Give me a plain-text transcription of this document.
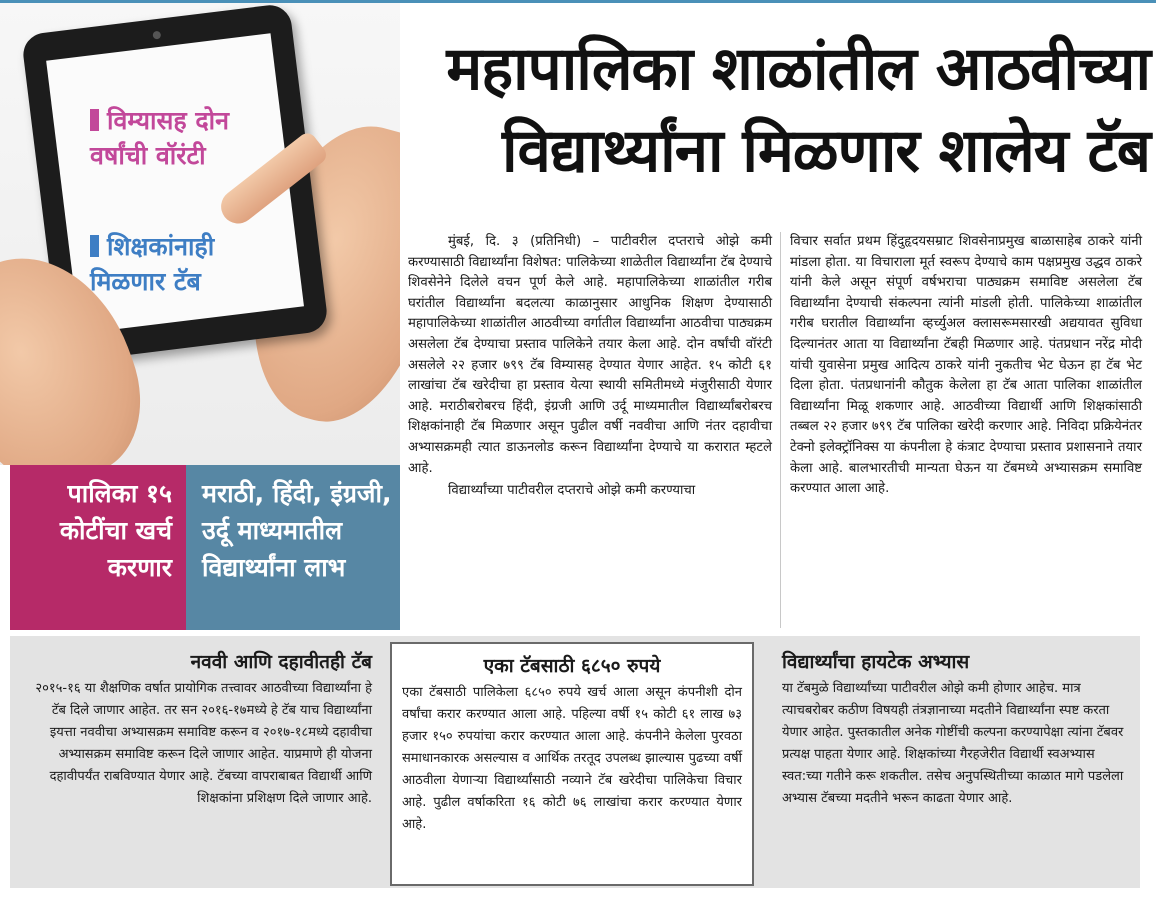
विम्यासह दोन वर्षांची वॉरंटी
शिक्षकांनाही मिळणार टॅब
महापालिका शाळांतील आठवीच्या
विद्यार्थ्यांना मिळणार शालेय टॅब
पालिका १५ कोटींचा खर्च करणार
मराठी, हिंदी, इंग्रजी, उर्दू माध्यमातील विद्यार्थ्यांना लाभ

मुंबई, दि. ३ (प्रतिनिधी) – पाटीवरील दप्तराचे ओझे कमी करण्यासाठी विद्यार्थ्यांना विशेषत: पालिकेच्या शाळेतील विद्यार्थ्यांना टॅब देण्याचे शिवसेनेने दिलेले वचन पूर्ण केले आहे. महापालिकेच्या शाळांतील गरीब घरांतील विद्यार्थ्यांना बदलत्या काळानुसार आधुनिक शिक्षण देण्यासाठी महापालिकेच्या शाळांतील आठवीच्या वर्गातील विद्यार्थ्यांना आठवीचा पाठ्यक्रम असलेला टॅब देण्याचा प्रस्ताव पालिकेने तयार केला आहे. दोन वर्षांची वॉरंटी असलेले २२ हजार ७९९ टॅब विम्यासह देण्यात येणार आहेत. १५ कोटी ६१ लाखांचा टॅब खरेदीचा हा प्रस्ताव येत्या स्थायी समितीमध्ये मंजुरीसाठी येणार आहे. मराठीबरोबरच हिंदी, इंग्रजी आणि उर्दू माध्यमातील विद्यार्थ्यांबरोबरच शिक्षकांनाही टॅब मिळणार असून पुढील वर्षी नववीचा आणि नंतर दहावीचा अभ्यासक्रमही त्यात डाऊनलोड करून विद्यार्थ्यांना देण्याचे या करारात म्हटले आहे.

विद्यार्थ्यांच्या पाटीवरील दप्तराचे ओझे कमी करण्याचा

विचार सर्वात प्रथम हिंदुहृदयसम्राट शिवसेनाप्रमुख बाळासाहेब ठाकरे यांनी मांडला होता. या विचाराला मूर्त स्वरूप देण्याचे काम पक्षप्रमुख उद्धव ठाकरे यांनी केले असून संपूर्ण वर्षभराचा पाठ्यक्रम समाविष्ट असलेला टॅब विद्यार्थ्यांना देण्याची संकल्पना त्यांनी मांडली होती. पालिकेच्या शाळांतील गरीब घरातील विद्यार्थ्यांना व्हर्च्युअल क्लासरूमसारखी अद्ययावत सुविधा दिल्यानंतर आता या विद्यार्थ्यांना टॅबही मिळणार आहे. पंतप्रधान नरेंद्र मोदी यांची युवासेना प्रमुख आदित्य ठाकरे यांनी नुकतीच भेट घेऊन हा टॅब भेट दिला होता. पंतप्रधानांनी कौतुक केलेला हा टॅब आता पालिका शाळांतील विद्यार्थ्यांना मिळू शकणार आहे. आठवीच्या विद्यार्थी आणि शिक्षकांसाठी तब्बल २२ हजार ७९९ टॅब पालिका खरेदी करणार आहे. निविदा प्रक्रियेनंतर टेक्नो इलेक्ट्रॉनिक्स या कंपनीला हे कंत्राट देण्याचा प्रस्ताव प्रशासनाने तयार केला आहे. बालभारतीची मान्यता घेऊन या टॅबमध्ये अभ्यासक्रम समाविष्ट करण्यात आला आहे.

नववी आणि दहावीतही टॅब

२०१५-१६ या शैक्षणिक वर्षात प्रायोगिक तत्त्वावर आठवीच्या विद्यार्थ्यांना हे टॅब दिले जाणार आहेत. तर सन २०१६-१७मध्ये हे टॅब याच विद्यार्थ्यांना इयत्ता नववीचा अभ्यासक्रम समाविष्ट करून व २०१७-१८मध्ये दहावीचा अभ्यासक्रम समाविष्ट करून दिले जाणार आहेत. याप्रमाणे ही योजना दहावीपर्यंत राबविण्यात येणार आहे. टॅबच्या वापराबाबत विद्यार्थी आणि शिक्षकांना प्रशिक्षण दिले जाणार आहे.

एका टॅबसाठी ६८५० रुपये

एका टॅबसाठी पालिकेला ६८५० रुपये खर्च आला असून कंपनीशी दोन वर्षांचा करार करण्यात आला आहे. पहिल्या वर्षी १५ कोटी ६१ लाख ७३ हजार १५० रुपयांचा करार करण्यात आला आहे. कंपनीने केलेला पुरवठा समाधानकारक असल्यास व आर्थिक तरतूद उपलब्ध झाल्यास पुढच्या वर्षी आठवीला येणाऱ्या विद्यार्थ्यांसाठी नव्याने टॅब खरेदीचा पालिकेचा विचार आहे. पुढील वर्षाकरिता १६ कोटी ७६ लाखांचा करार करण्यात येणार आहे.

विद्यार्थ्यांचा हायटेक अभ्यास

या टॅबमुळे विद्यार्थ्यांच्या पाटीवरील ओझे कमी होणार आहेच. मात्र त्याचबरोबर कठीण विषयही तंत्रज्ञानाच्या मदतीने विद्यार्थ्यांना स्पष्ट करता येणार आहेत. पुस्तकातील अनेक गोष्टींची कल्पना करण्यापेक्षा त्यांना टॅबवर प्रत्यक्ष पाहता येणार आहे. शिक्षकांच्या गैरहजेरीत विद्यार्थी स्वअभ्यास स्वत:च्या गतीने करू शकतील. तसेच अनुपस्थितीच्या काळात मागे पडलेला अभ्यास टॅबच्या मदतीने भरून काढता येणार आहे.
